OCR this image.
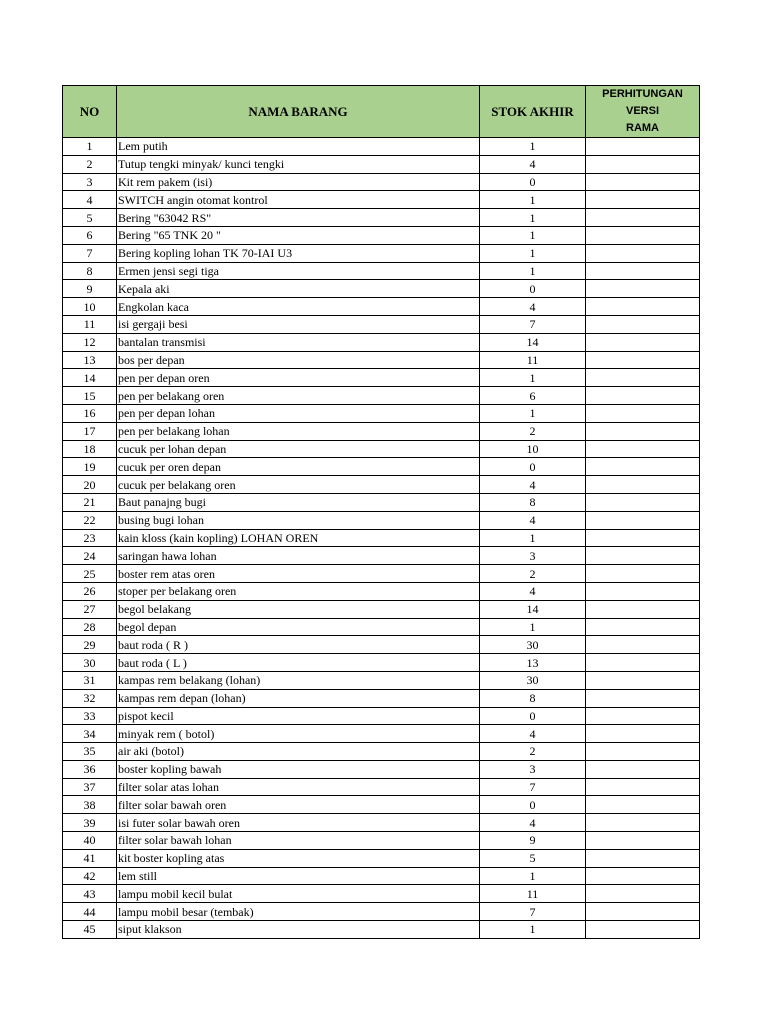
NO	NAMA BARANG	STOK AKHIR	PERHITUNGAN
VERSI
RAMA

1	Lem putih	1	
2	Tutup tengki minyak/ kunci tengki	4	
3	Kit rem pakem (isi)	0	
4	SWITCH angin otomat kontrol	1	
5	Bering "63042 RS"	1	
6	Bering "65 TNK 20 "	1	
7	Bering kopling lohan TK 70-IAI U3	1	
8	Ermen jensi segi tiga	1	
9	Kepala aki	0	
10	Engkolan kaca	4	
11	isi gergaji besi	7	
12	bantalan transmisi	14	
13	bos per depan	11	
14	pen per depan oren	1	
15	pen per belakang oren	6	
16	pen per depan lohan	1	
17	pen per belakang lohan	2	
18	cucuk per lohan depan	10	
19	cucuk per oren depan	0	
20	cucuk per belakang oren	4	
21	Baut panajng bugi	8	
22	busing bugi lohan	4	
23	kain kloss (kain kopling) LOHAN OREN	1	
24	saringan hawa lohan	3	
25	boster rem atas oren	2	
26	stoper per belakang oren	4	
27	begol belakang	14	
28	begol depan	1	
29	baut roda ( R )	30	
30	baut roda ( L )	13	
31	kampas rem belakang (lohan)	30	
32	kampas rem depan (lohan)	8	
33	pispot kecil	0	
34	minyak rem ( botol)	4	
35	air aki (botol)	2	
36	boster kopling bawah	3	
37	filter solar atas lohan	7	
38	filter solar bawah oren	0	
39	isi futer solar bawah oren	4	
40	filter solar bawah lohan	9	
41	kit boster kopling atas	5	
42	lem still	1	
43	lampu mobil kecil bulat	11	
44	lampu mobil besar (tembak)	7	
45	siput klakson	1	
